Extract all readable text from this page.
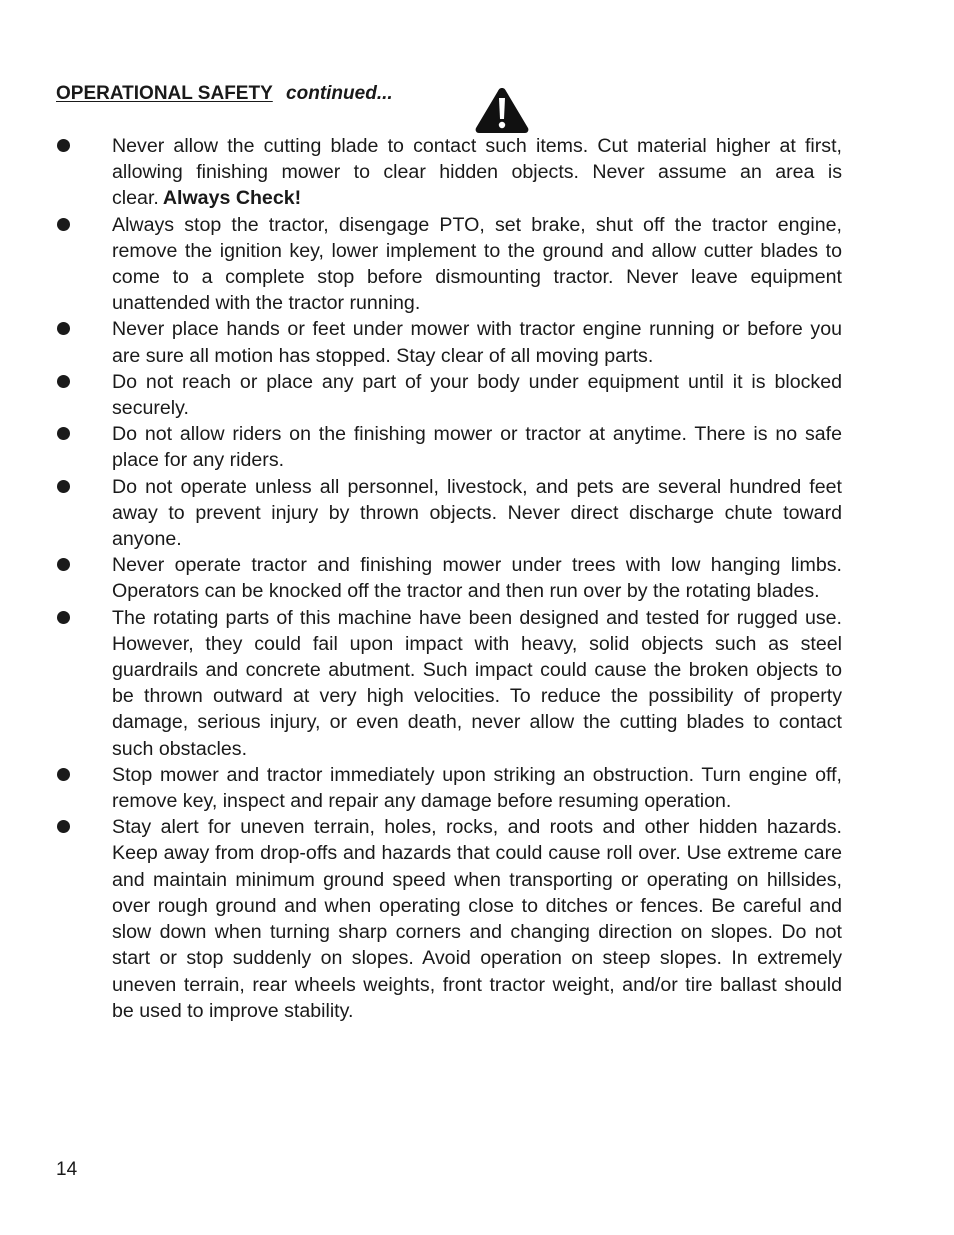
OPERATIONAL SAFETY continued...
Never allow the cutting blade to contact such items. Cut material higher at first, allowing finishing mower to clear hidden objects. Never assume an area is clear. Always Check!
Always stop the tractor, disengage PTO, set brake, shut off the tractor engine, remove the ignition key, lower implement to the ground and allow cutter blades to come to a complete stop before dismounting tractor. Never leave equipment unattended with the tractor running.
Never place hands or feet under mower with tractor engine running or before you are sure all motion has stopped. Stay clear of all moving parts.
Do not reach or place any part of your body under equipment until it is blocked securely.
Do not allow riders on the finishing mower or tractor at anytime. There is no safe place for any riders.
Do not operate unless all personnel, livestock, and pets are several hundred feet away to prevent injury by thrown objects. Never direct discharge chute toward anyone.
Never operate tractor and finishing mower under trees with low hanging limbs. Operators can be knocked off the tractor and then run over by the rotating blades.
The rotating parts of this machine have been designed and tested for rugged use. However, they could fail upon impact with heavy, solid objects such as steel guardrails and concrete abutment. Such impact could cause the broken objects to be thrown outward at very high velocities. To reduce the possibility of property damage, serious injury, or even death, never allow the cutting blades to contact such obstacles.
Stop mower and tractor immediately upon striking an obstruction. Turn engine off, remove key, inspect and repair any damage before resuming operation.
Stay alert for uneven terrain, holes, rocks, and roots and other hidden hazards. Keep away from drop-offs and hazards that could cause roll over. Use extreme care and maintain minimum ground speed when transporting or operating on hillsides, over rough ground and when operating close to ditches or fences. Be careful and slow down when turning sharp corners and changing direction on slopes. Do not start or stop suddenly on slopes. Avoid operation on steep slopes. In extremely uneven terrain, rear wheels weights, front tractor weight, and/or tire ballast should be used to improve stability.
14
